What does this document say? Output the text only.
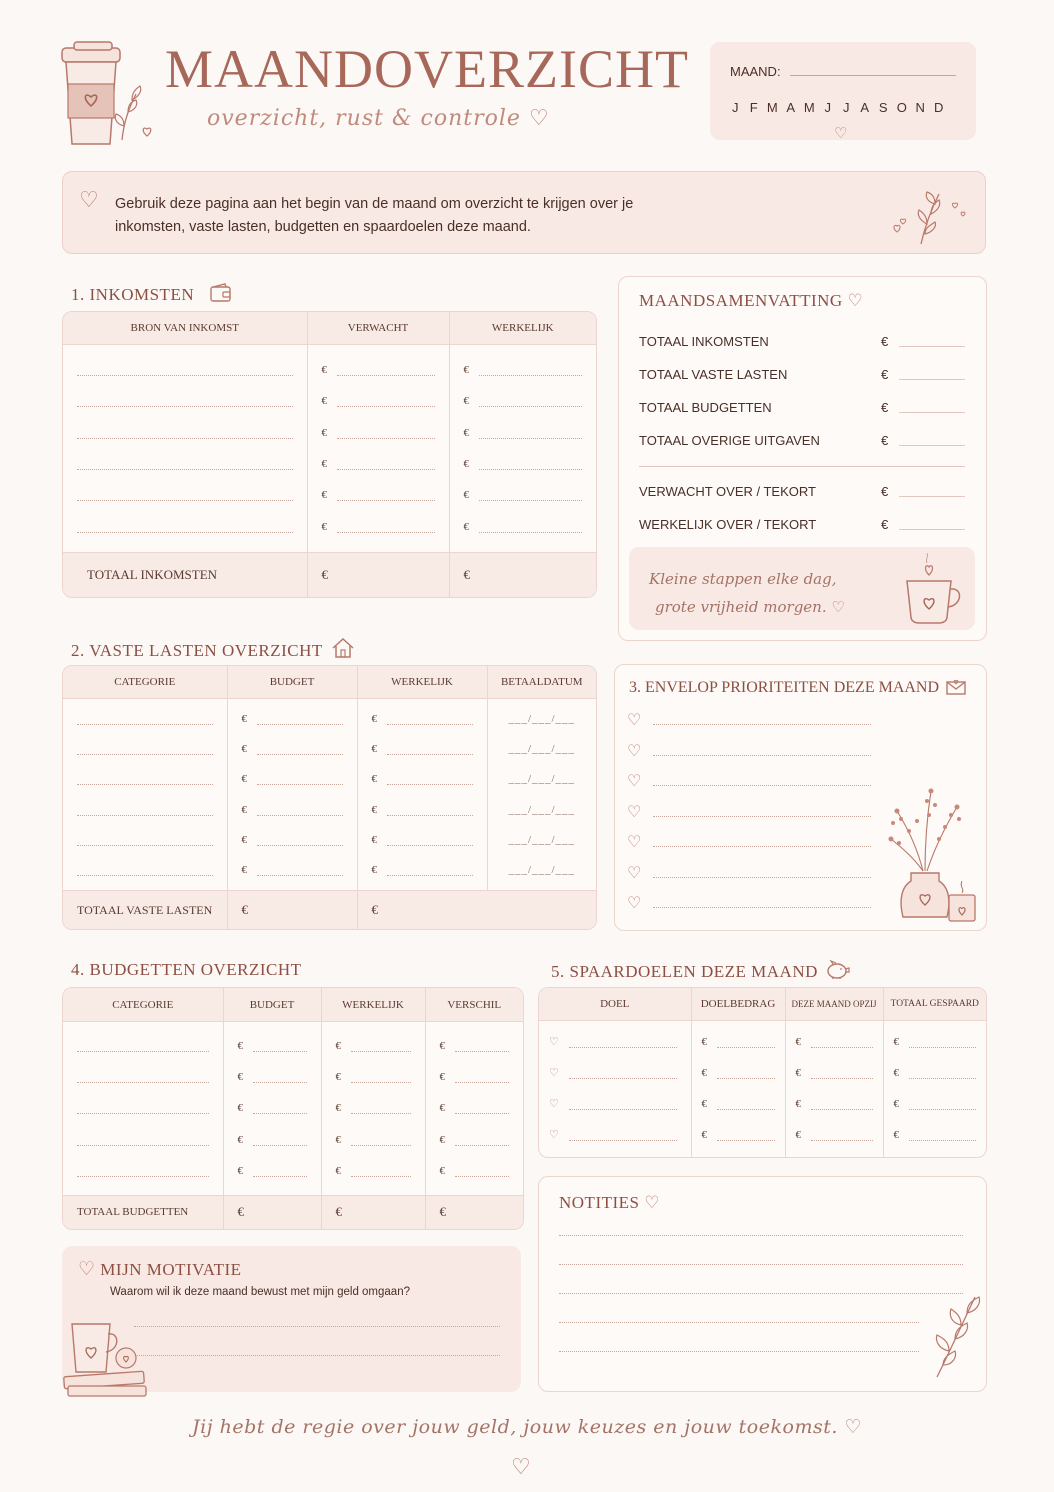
MAANDOVERZICHT
overzicht, rust & controle ♡
MAAND:
J F M A M J J A S O N D
♡
♡ Gebruik deze pagina aan het begin van de maand om overzicht te krijgen over je
inkomsten, vaste lasten, budgetten en spaardoelen deze maand.
1. INKOMSTEN
BRON VAN INKOMST	VERWACHT	WERKELIJK

	€	€

	€	€

	€	€

	€	€

	€	€

	€	€

TOTAAL INKOMSTEN	€	€
MAANDSAMENVATTING ♡
TOTAAL INKOMSTEN	€
TOTAAL VASTE LASTEN	€
TOTAAL BUDGETTEN	€
TOTAAL OVERIGE UITGAVEN	€
VERWACHT OVER / TEKORT	€
WERKELIJK OVER / TEKORT	€
Kleine stappen elke dag,
grote vrijheid morgen. ♡
2. VASTE LASTEN OVERZICHT
CATEGORIE	BUDGET	WERKELIJK	BETAALDATUM

	€	€	___/___/___

	€	€	___/___/___

	€	€	___/___/___

	€	€	___/___/___

	€	€	___/___/___

	€	€	___/___/___

TOTAAL VASTE LASTEN	€	€	
3. ENVELOP PRIORITEITEN DEZE MAAND
♡
♡
♡
♡
♡
♡
♡
4. BUDGETTEN OVERZICHT
CATEGORIE	BUDGET	WERKELIJK	VERSCHIL

	€	€	€

	€	€	€

	€	€	€

	€	€	€

	€	€	€

TOTAAL BUDGETTEN	€	€	€
5. SPAARDOELEN DEZE MAAND
DOEL	DOELBEDRAG	DEZE MAAND OPZIJ	TOTAAL GESPAARD

♡	€	€	€

♡	€	€	€

♡	€	€	€

♡	€	€	€

NOTITIES ♡
♡ MIJN MOTIVATIE
Waarom wil ik deze maand bewust met mijn geld omgaan?
Jij hebt de regie over jouw geld, jouw keuzes en jouw toekomst. ♡
♡
